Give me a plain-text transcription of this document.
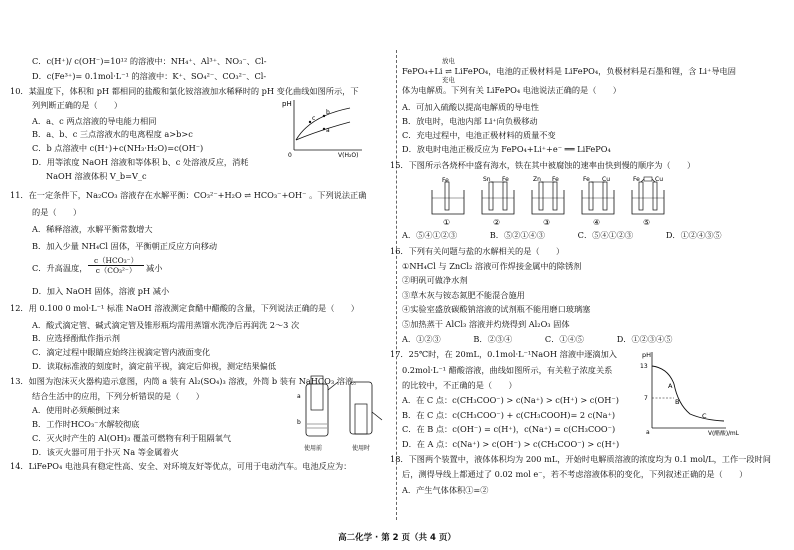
C．c(H⁺)/ c(OH⁻)=10¹² 的溶液中：NH₄⁺、Al³⁺、NO₃⁻、Cl-
D．c(Fe³⁺)= 0.1mol·L⁻¹ 的溶液中：K⁺、SO₄²⁻、CO₃²⁻、Cl-
10．某温度下，体积和 pH 都相同的盐酸和氯化铵溶液加水稀释时的 pH 变化曲线如图所示，下
列判断正确的是（　　）
A．a、c 两点溶液的导电能力相同
B．a、b、c 三点溶液水的电离程度 a>b>c
C．b 点溶液中 c(H⁺)+c(NH₃·H₂O)=c(OH⁻)
D．用等浓度 NaOH 溶液和等体积 b、c 处溶液反应，消耗
NaOH 溶液体积 V_b=V_c
11．在一定条件下，Na₂CO₃ 溶液存在水解平衡：CO₃²⁻+H₂O ⇌ HCO₃⁻+OH⁻ 。下列说法正确
的是（　　）
A．稀释溶液，水解平衡常数增大
B．加入少量 NH₄Cl 固体，平衡朝正反应方向移动
C．升高温度，
c（HCO₃⁻）
c（CO₃²⁻）	减小
D．加入 NaOH 固体，溶液 pH 减小
12．用 0.100 0 mol·L⁻¹ 标准 NaOH 溶液测定食醋中醋酸的含量，下列说法正确的是（　　）
A．酸式滴定管、碱式滴定管及锥形瓶均需用蒸馏水洗净后再润洗 2～3 次
B．应选择酚酞作指示剂
C．滴定过程中眼睛应始终注视滴定管内液面变化
D．读取标准液的刻度时，滴定前平视，滴定后仰视，测定结果偏低
13．如图为泡沫灭火器构造示意图，内筒 a 装有 Al₂(SO₄)₃ 溶液，外筒 b 装有 NaHCO₃ 溶液。
结合生活中的应用，下列分析错误的是（　　）
A．使用时必须颠倒过来
B．工作时HCO₃⁻水解较彻底
C．灭火时产生的 Al(OH)₃ 覆盖可燃物有利于阻隔氧气
D．该灭火器可用于扑灭 Na 等金属着火
14．LiFePO₄ 电池具有稳定性高、安全、对环境友好等优点，可用于电动汽车。电池反应为：
pH
0	V(H₂O)
c
b
a
a
b
使用前	使用时
FePO₄+Li ⇌ LiFePO₄，电池的正极材料是 LiFePO₄，负极材料是石墨和锂，含 Li⁺导电固
放电
充电
体为电解质。下列有关 LiFePO₄ 电池说法正确的是（　　）
A．可加入硫酸以提高电解质的导电性
B．放电时，电池内部 Li⁺向负极移动
C．充电过程中，电池正极材料的质量不变
D．放电时电池正极反应为 FePO₄+Li⁺+e⁻ ══ LiFePO₄
15．下图所示各烧杯中盛有海水，铁在其中被腐蚀的速率由快到慢的顺序为（　　）
A．⑤④①②③　　　　B．⑤②①④③　　　　C．⑤④①②③　　　　D．①②④③⑤
16．下列有关问题与盐的水解相关的是（　　）
①NH₄Cl 与 ZnCl₂ 溶液可作焊接金属中的除锈剂
②明矾可做净水剂
③草木灰与铵态氮肥不能混合施用
④实验室盛放碳酸钠溶液的试剂瓶不能用磨口玻璃塞
⑤加热蒸干 AlCl₃ 溶液并灼烧得到 Al₂O₃ 固体
A．①②③　　　　B．②③④　　　　C．①④⑤　　　　D．①②③④⑤
17．25℃时，在 20mL，0.1mol·L⁻¹NaOH 溶液中逐滴加入
0.2mol·L⁻¹ 醋酸溶液，曲线如图所示，有关粒子浓度关系
的比较中，不正确的是（　　）
A．在 C 点：c(CH₃COO⁻) > c(Na⁺) > c(H⁺) > c(OH⁻)
B．在 C 点：c(CH₃COO⁻) + c(CH₃COOH)= 2 c(Na⁺)
C．在 B 点：c(OH⁻) = c(H⁺)，c(Na⁺) = c(CH₃COO⁻)
D．在 A 点：c(Na⁺) > c(OH⁻) > c(CH₃COO⁻) > c(H⁺)
18．下图两个装置中，液体体积均为 200 mL，开始时电解质溶液的浓度均为 0.1 mol/L，工作一段时间
后，测得导线上都通过了 0.02 mol e⁻，若不考虑溶液体积的变化，下列叙述正确的是（　　）
A．产生气体体积①=②
Fe
①
Sn Fe
②
Zn Fe
③
Fe Cu
④
Fe	Cu
⑤
pH
13
7
a
A
B
C
V(醋酸)/mL
高二化学 · 第 2 页（共 4 页）
